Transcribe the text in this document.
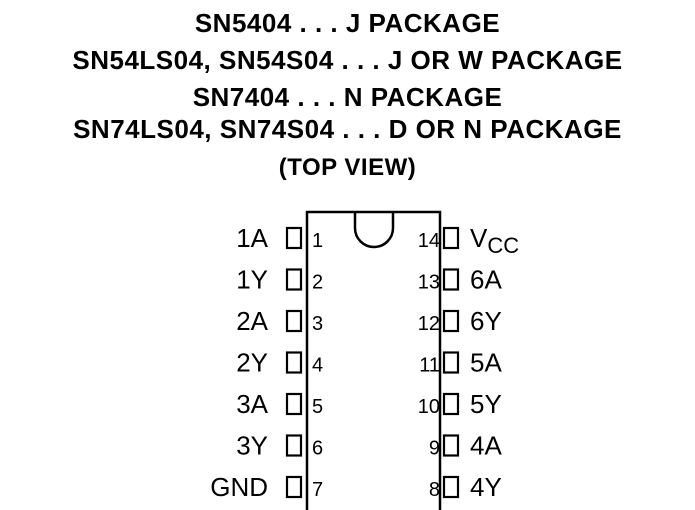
SN5404 . . . J PACKAGE
SN54LS04, SN54S04 . . . J OR W PACKAGE
SN7404 . . . N PACKAGE
SN74LS04, SN74S04 . . . D OR N PACKAGE
(TOP VIEW)
1A 1
1Y 2
2A 3
2Y 4
3A 5
3Y 6
GND 7
14 $V_{CC}$
13 6A
12 6Y
11 5A
10 5Y
9 4A
8 4Y
